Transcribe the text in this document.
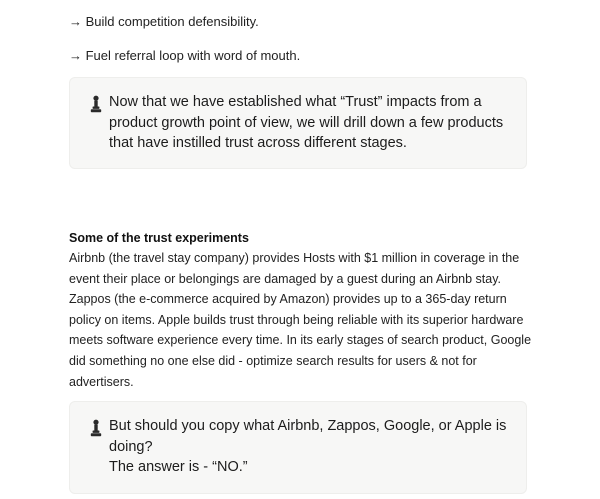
→ Build competition defensibility.
→ Fuel referral loop with word of mouth.
Now that we have established what “Trust” impacts from a
product growth point of view, we will drill down a few products
that have instilled trust across different stages.
Some of the trust experiments
Airbnb (the travel stay company) provides Hosts with $1 million in coverage in the
event their place or belongings are damaged by a guest during an Airbnb stay.
Zappos (the e-commerce acquired by Amazon) provides up to a 365-day return
policy on items. Apple builds trust through being reliable with its superior hardware
meets software experience every time. In its early stages of search product, Google
did something no one else did - optimize search results for users & not for
advertisers.
But should you copy what Airbnb, Zappos, Google, or Apple is
doing?
The answer is - “NO.”
